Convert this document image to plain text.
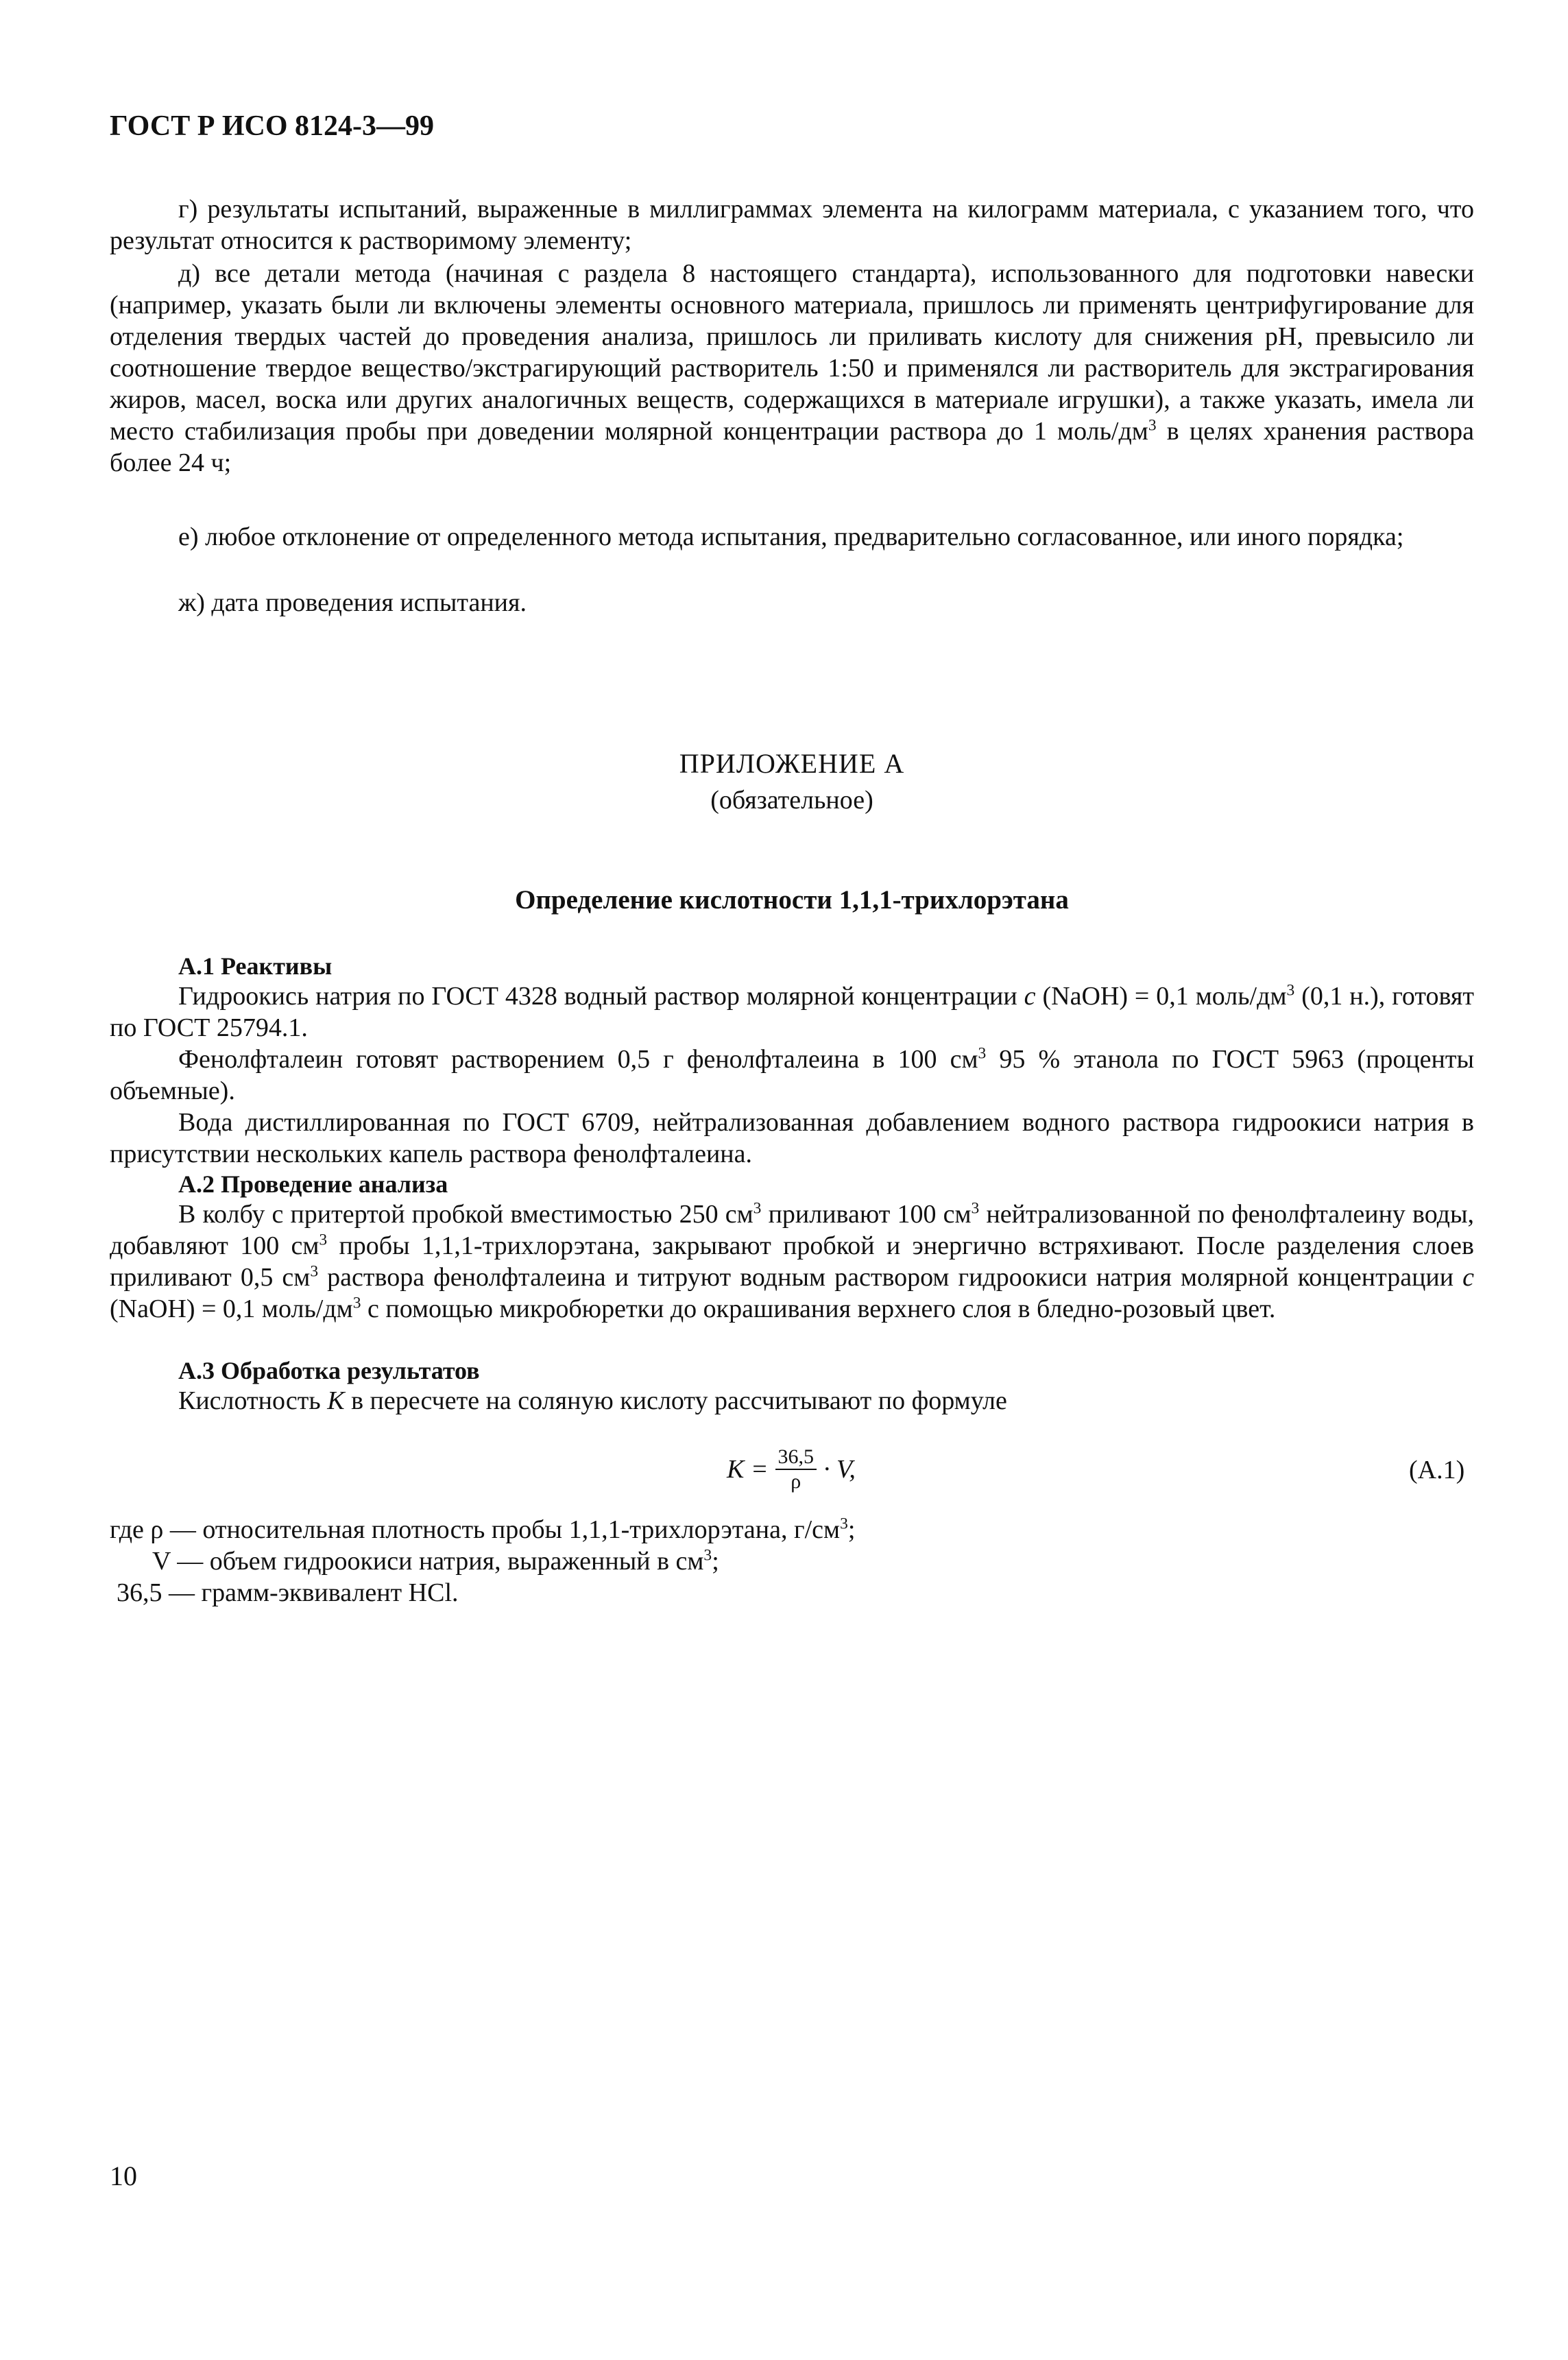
ГОСТ Р ИСО 8124-3—99
г) результаты испытаний, выраженные в миллиграммах элемента на килограмм материала, с указанием того, что результат относится к растворимому элементу;
д) все детали метода (начиная с раздела 8 настоящего стандарта), использованного для подготовки навески (например, указать были ли включены элементы основного материала, пришлось ли применять центрифугирование для отделения твердых частей до проведения анализа, пришлось ли приливать кислоту для снижения pH, превысило ли соотношение твердое вещество/экстрагирующий растворитель 1:50 и применялся ли растворитель для экстрагирования жиров, масел, воска или других аналогичных веществ, содержащихся в материале игрушки), а также указать, имела ли место стабилизация пробы при доведении молярной концентрации раствора до 1 моль/$дм^3$ в целях хранения раствора более 24 ч;
е) любое отклонение от определенного метода испытания, предварительно согласованное, или иного порядка;
ж) дата проведения испытания.
ПРИЛОЖЕНИЕ А
(обязательное)
Определение кислотности 1,1,1-трихлорэтана
А.1 Реактивы
Гидроокись натрия по ГОСТ 4328 водный раствор молярной концентрации c (NaOH) = 0,1 моль/$дм^3$ (0,1 н.), готовят по ГОСТ 25794.1.
Фенолфталеин готовят растворением 0,5 г фенолфталеина в 100 $см^3$ 95 % этанола по ГОСТ 5963 (проценты объемные).
Вода дистиллированная по ГОСТ 6709, нейтрализованная добавлением водного раствора гидроокиси натрия в присутствии нескольких капель раствора фенолфталеина.
А.2 Проведение анализа
В колбу с притертой пробкой вместимостью 250 $см^3$ приливают 100 $см^3$ нейтрализованной по фенолфталеину воды, добавляют 100 $см^3$ пробы 1,1,1-трихлорэтана, закрывают пробкой и энергично встряхивают. После разделения слоев приливают 0,5 $см^3$ раствора фенолфталеина и титруют водным раствором гидроокиси натрия молярной концентрации c (NaOH) = 0,1 моль/$дм^3$ с помощью микробюретки до окрашивания верхнего слоя в бледно-розовый цвет.
А.3 Обработка результатов
Кислотность K в пересчете на соляную кислоту рассчитывают по формуле
$K = \frac{36,5}{\rho} \cdot V$,	(А.1)
где ρ — относительная плотность пробы 1,1,1-трихлорэтана, $г/см^3$;
V — объем гидроокиси натрия, выраженный в $см^3$;
36,5 — грамм-эквивалент HCl.
10
